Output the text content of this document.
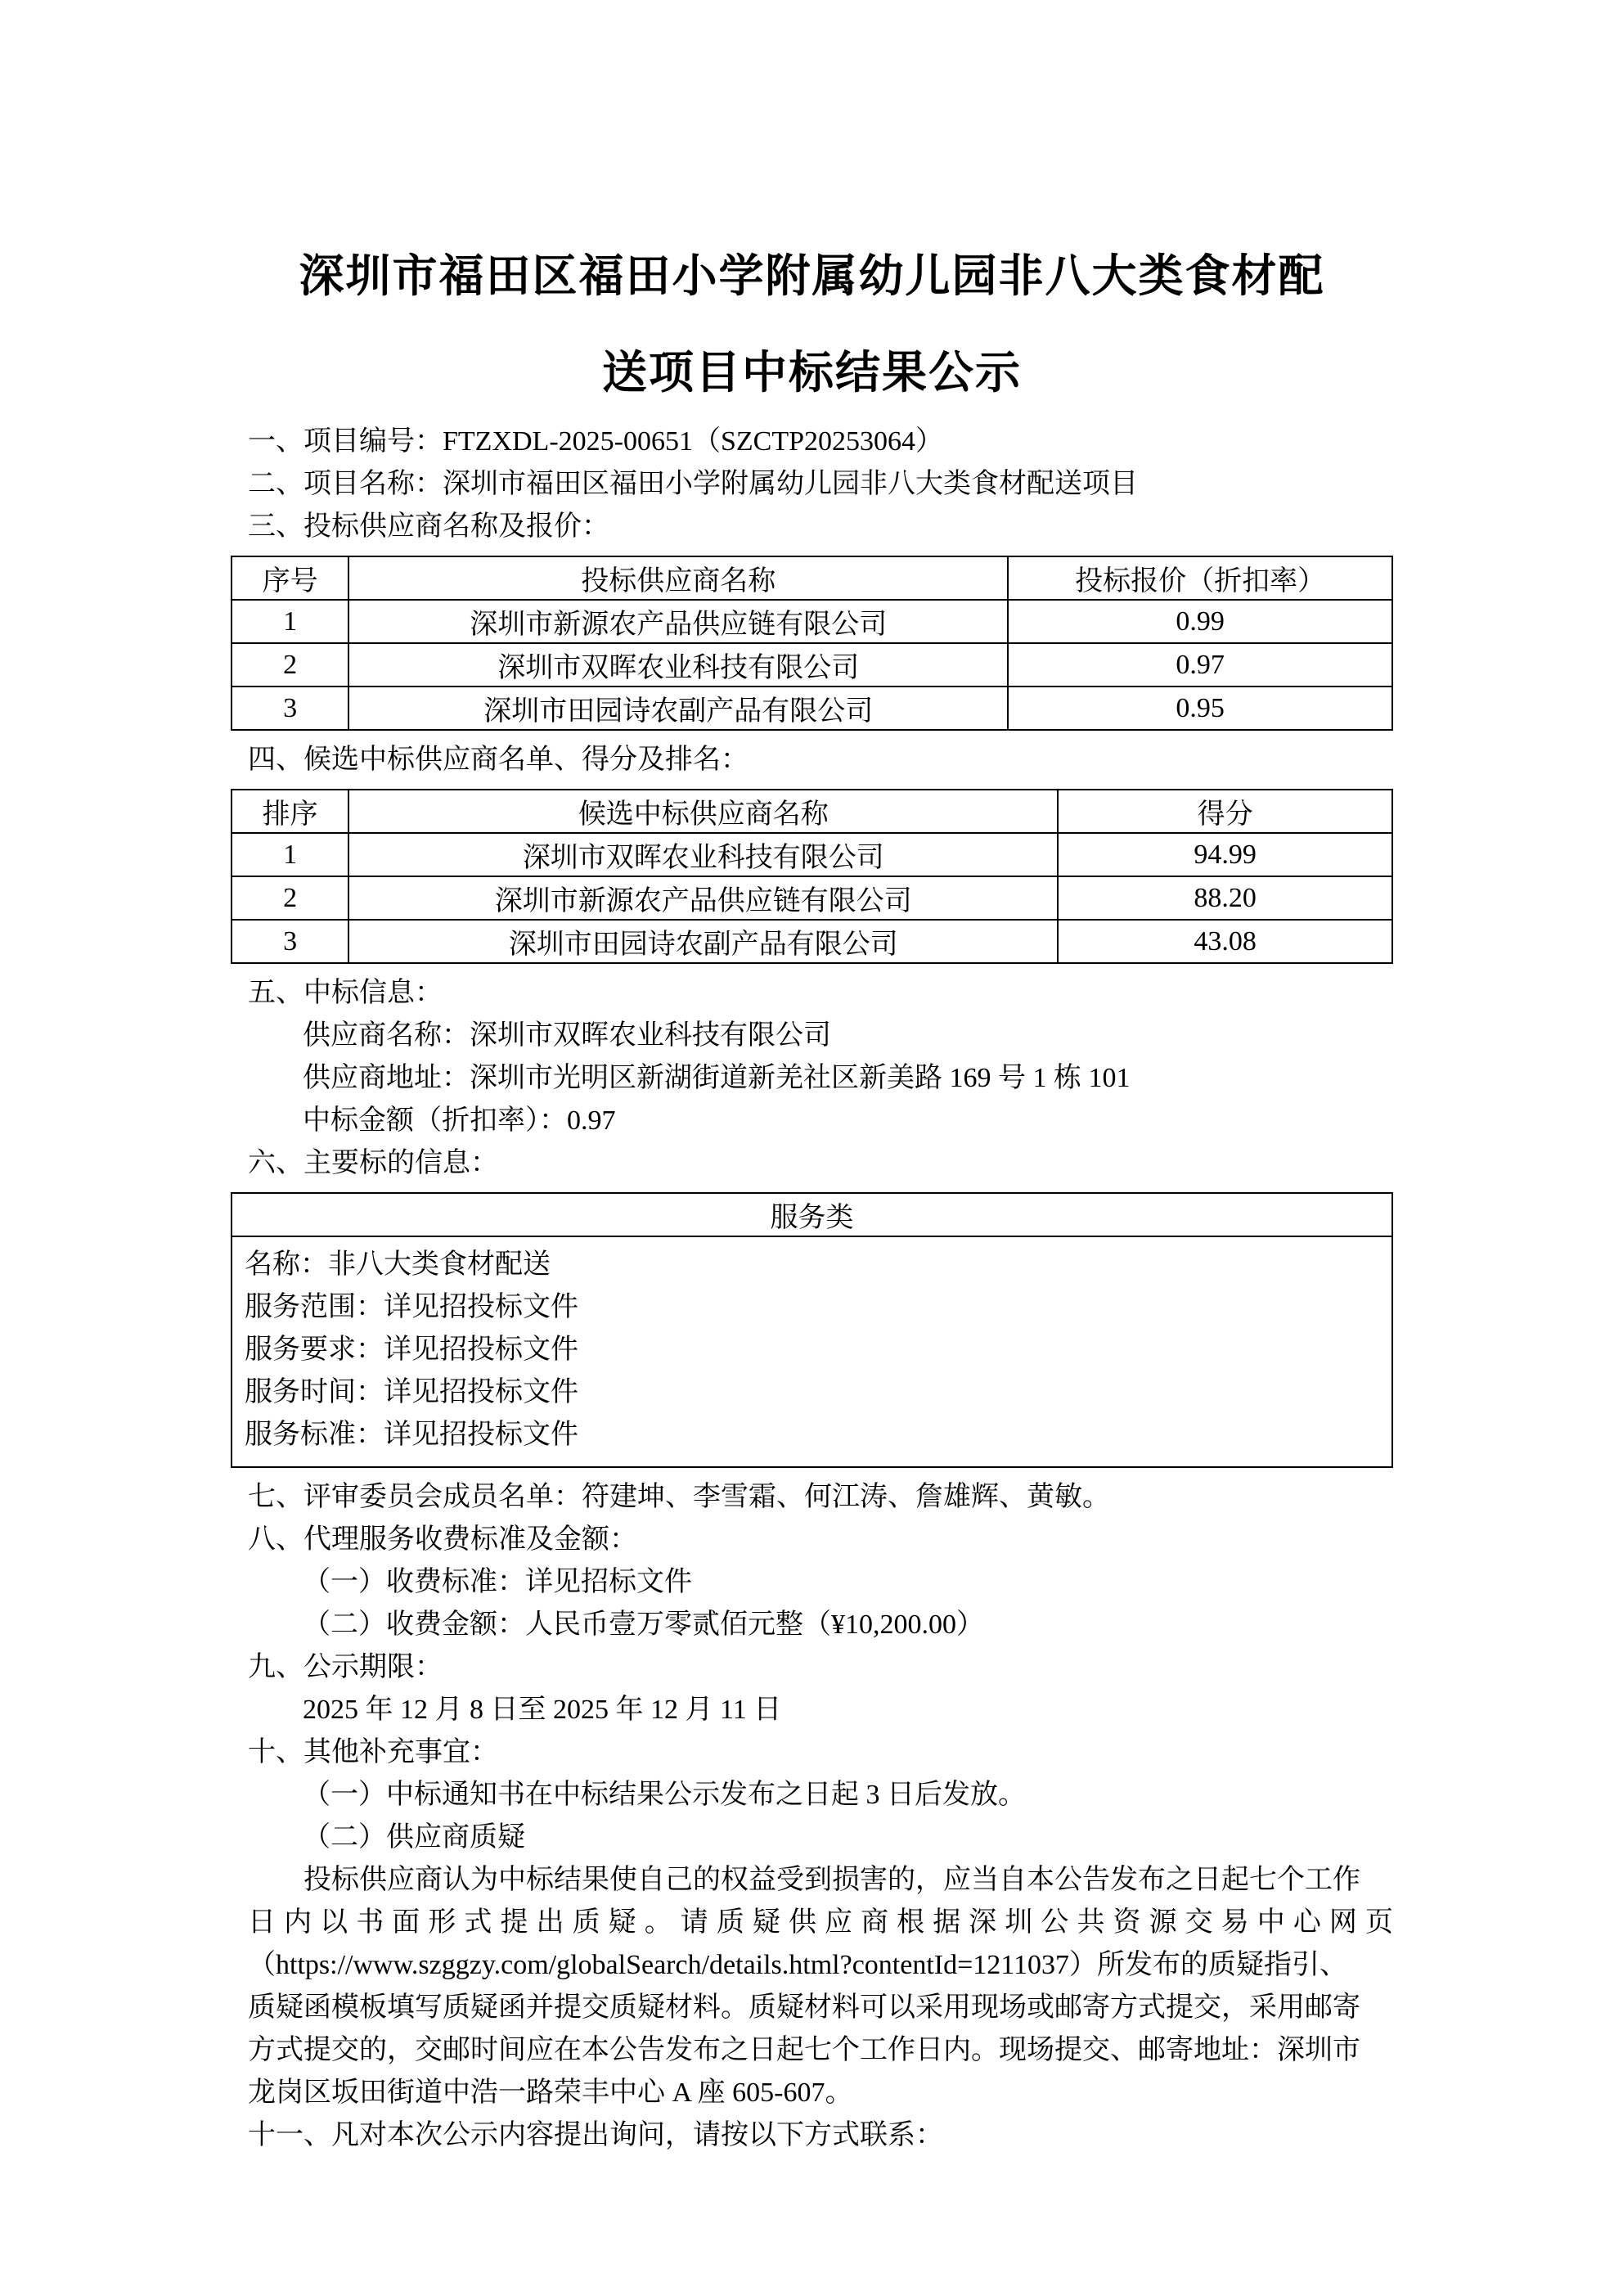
深圳市福田区福田小学附属幼儿园非八大类食材配
送项目中标结果公示

一、项目编号：FTZXDL-2025-00651（SZCTP20253064）

二、项目名称：深圳市福田区福田小学附属幼儿园非八大类食材配送项目

三、投标供应商名称及报价：

序号	投标供应商名称	投标报价（折扣率）
1	深圳市新源农产品供应链有限公司	0.99
2	深圳市双晖农业科技有限公司	0.97
3	深圳市田园诗农副产品有限公司	0.95

四、候选中标供应商名单、得分及排名：

排序	候选中标供应商名称	得分
1	深圳市双晖农业科技有限公司	94.99
2	深圳市新源农产品供应链有限公司	88.20
3	深圳市田园诗农副产品有限公司	43.08

五、中标信息：

供应商名称：深圳市双晖农业科技有限公司

供应商地址：深圳市光明区新湖街道新羌社区新美路 169 号 1 栋 101

中标金额（折扣率）：0.97

六、主要标的信息：

服务类

名称：非八大类食材配送
服务范围：详见招投标文件
服务要求：详见招投标文件
服务时间：详见招投标文件
服务标准：详见招投标文件

七、评审委员会成员名单：符建坤、李雪霜、何江涛、詹雄辉、黄敏。

八、代理服务收费标准及金额：

（一）收费标准：详见招标文件

（二）收费金额：人民币壹万零贰佰元整（¥10,200.00）

九、公示期限：

2025 年 12 月 8 日至 2025 年 12 月 11 日

十、其他补充事宜：

（一）中标通知书在中标结果公示发布之日起 3 日后发放。

（二）供应商质疑

投标供应商认为中标结果使自己的权益受到损害的，应当自本公告发布之日起七个工作

日内以书面形式提出质疑。请质疑供应商根据深圳公共资源交易中心网页

（https://www.szggzy.com/globalSearch/details.html?contentId=1211037）所发布的质疑指引、

质疑函模板填写质疑函并提交质疑材料。质疑材料可以采用现场或邮寄方式提交，采用邮寄

方式提交的，交邮时间应在本公告发布之日起七个工作日内。现场提交、邮寄地址：深圳市

龙岗区坂田街道中浩一路荣丰中心 A 座 605-607。

十一、凡对本次公示内容提出询问，请按以下方式联系：
